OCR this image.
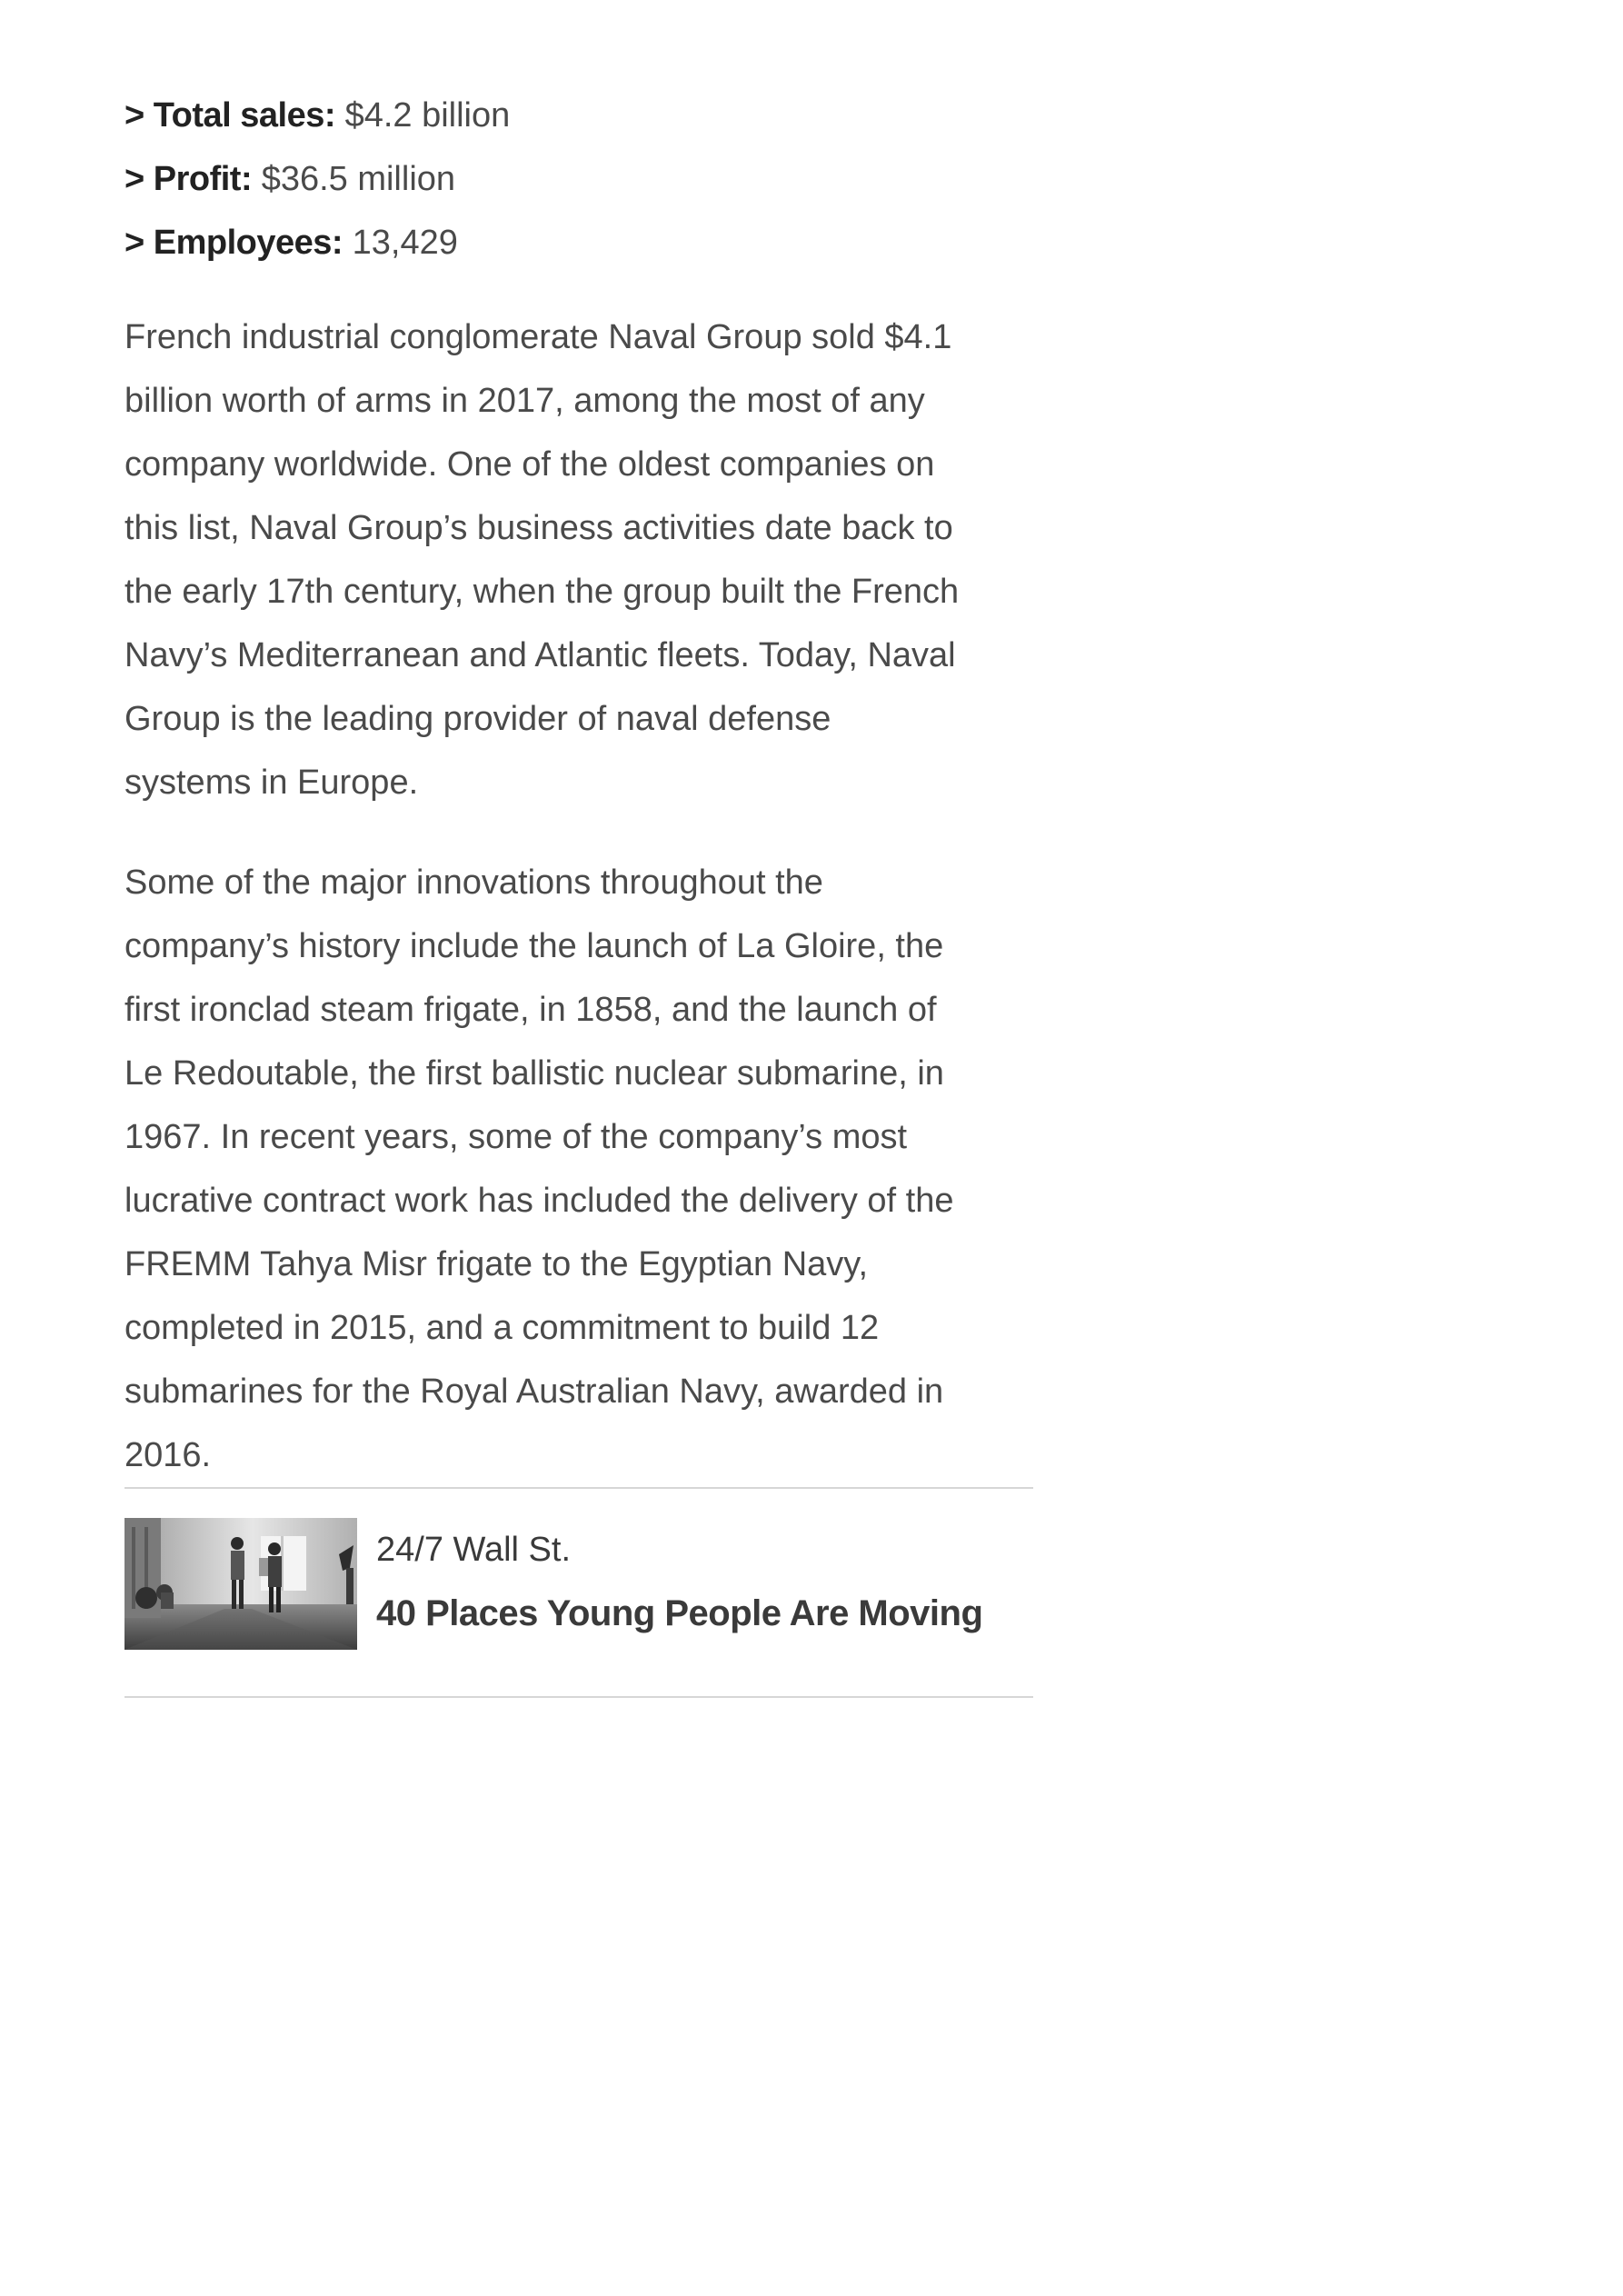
> Total sales: $4.2 billion
> Profit: $36.5 million
> Employees: 13,429

French industrial conglomerate Naval Group sold $4.1
billion worth of arms in 2017, among the most of any
company worldwide. One of the oldest companies on
this list, Naval Group’s business activities date back to
the early 17th century, when the group built the French
Navy’s Mediterranean and Atlantic fleets. Today, Naval
Group is the leading provider of naval defense
systems in Europe.

Some of the major innovations throughout the
company’s history include the launch of La Gloire, the
first ironclad steam frigate, in 1858, and the launch of
Le Redoutable, the first ballistic nuclear submarine, in
1967. In recent years, some of the company’s most
lucrative contract work has included the delivery of the
FREMM Tahya Misr frigate to the Egyptian Navy,
completed in 2015, and a commitment to build 12
submarines for the Royal Australian Navy, awarded in
2016.

24/7 Wall St.
40 Places Young People Are Moving
